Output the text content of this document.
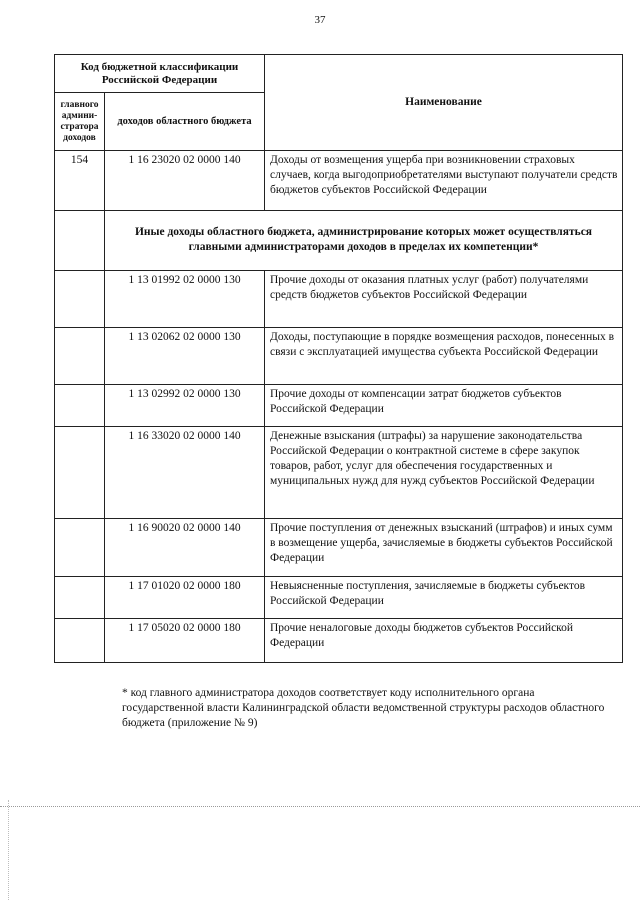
37
Код бюджетной классификации Российской Федерации		Наименование
главного админи-стратора доходов	доходов областного бюджета	
154	1 16 23020 02 0000 140	Доходы от возмещения ущерба при возникновении страховых случаев, когда выгодоприобретателями выступают получатели средств бюджетов субъектов Российской Федерации
	Иные доходы областного бюджета, администрирование которых может осуществляться главными администраторами доходов в пределах их компетенции*	
	1 13 01992 02 0000 130	Прочие доходы от оказания платных услуг (работ) получателями средств бюджетов субъектов Российской Федерации
	1 13 02062 02 0000 130	Доходы, поступающие в порядке возмещения расходов, понесенных в связи с эксплуатацией имущества субъекта Российской Федерации
	1 13 02992 02 0000 130	Прочие доходы от компенсации затрат бюджетов субъектов Российской Федерации
	1 16 33020 02 0000 140	Денежные взыскания (штрафы) за нарушение законодательства Российской Федерации о контрактной системе в сфере закупок товаров, работ, услуг для обеспечения государственных и муниципальных нужд для нужд субъектов Российской Федерации
	1 16 90020 02 0000 140	Прочие поступления от денежных взысканий (штрафов) и иных сумм в возмещение ущерба, зачисляемые в бюджеты субъектов Российской Федерации
	1 17 01020 02 0000 180	Невыясненные поступления, зачисляемые в бюджеты субъектов Российской Федерации
	1 17 05020 02 0000 180	Прочие неналоговые доходы бюджетов субъектов Российской Федерации
* код главного администратора доходов соответствует коду исполнительного органа государственной власти Калининградской области ведомственной структуры расходов областного бюджета (приложение № 9)
